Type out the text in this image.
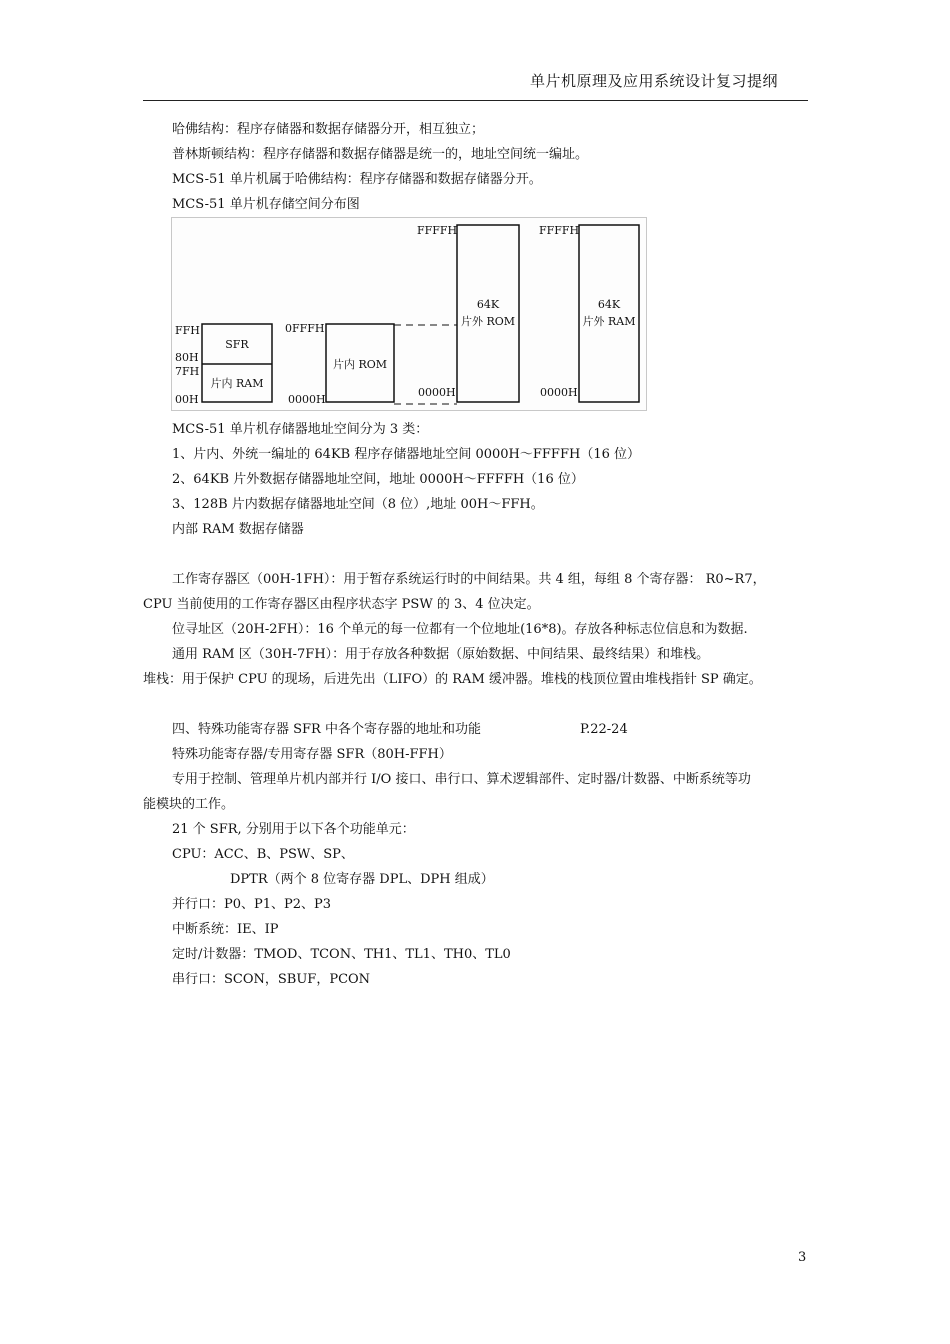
单片机原理及应用系统设计复习提纲
哈佛结构：程序存储器和数据存储器分开，相互独立；
普林斯顿结构：程序存储器和数据存储器是统一的，地址空间统一编址。
MCS-51 单片机属于哈佛结构：程序存储器和数据存储器分开。
MCS-51 单片机存储空间分布图
FFH
80H
7FH
00H
SFR
片内 RAM
0FFFH
0000H
片内 ROM
FFFFH
0000H
64K
片外 ROM
FFFFH
0000H
64K
片外 RAM
MCS-51 单片机存储器地址空间分为 3 类：
1、片内、外统一编址的 64KB 程序存储器地址空间 0000H～FFFFH（16 位）
2、64KB 片外数据存储器地址空间，地址 0000H～FFFFH（16 位）
3、128B 片内数据存储器地址空间（8 位）,地址 00H～FFH。
内部 RAM 数据存储器
工作寄存器区（00H-1FH）：用于暂存系统运行时的中间结果。共 4 组，每组 8 个寄存器： R0~R7，
CPU 当前使用的工作寄存器区由程序状态字 PSW 的 3、4 位决定。
位寻址区（20H-2FH）：16 个单元的每一位都有一个位地址(16*8)。存放各种标志位信息和为数据.
通用 RAM 区（30H-7FH）：用于存放各种数据（原始数据、中间结果、最终结果）和堆栈。
堆栈：用于保护 CPU 的现场，后进先出（LIFO）的 RAM 缓冲器。堆栈的栈顶位置由堆栈指针 SP 确定。
四、特殊功能寄存器 SFR 中各个寄存器的地址和功能	P.22-24
特殊功能寄存器/专用寄存器 SFR（80H-FFH）
专用于控制、管理单片机内部并行 I/O 接口、串行口、算术逻辑部件、定时器/计数器、中断系统等功
能模块的工作。
21 个 SFR, 分别用于以下各个功能单元：
CPU：ACC、B、PSW、SP、
DPTR（两个 8 位寄存器 DPL、DPH 组成）
并行口：P0、P1、P2、P3
中断系统：IE、IP
定时/计数器：TMOD、TCON、TH1、TL1、TH0、TL0
串行口：SCON，SBUF，PCON
3
